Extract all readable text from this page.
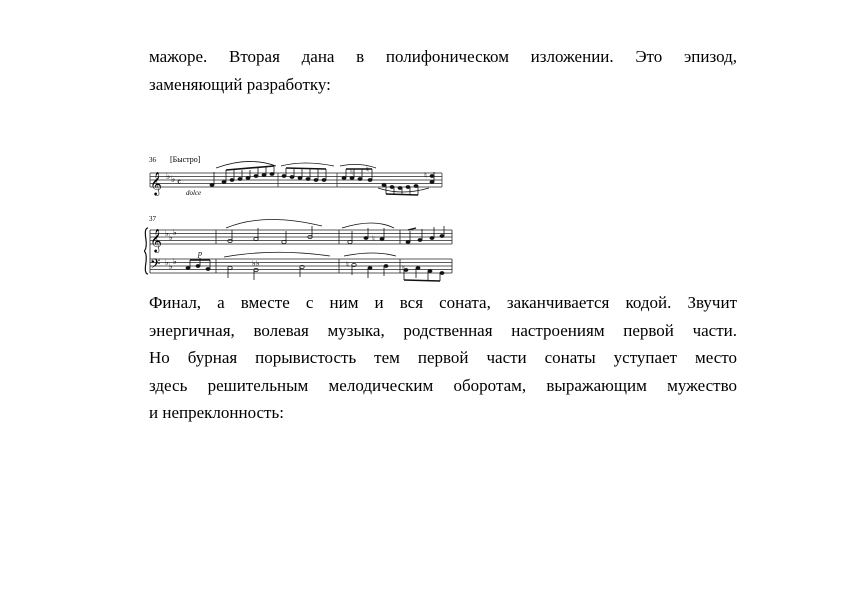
мажоре. Вторая дана в полифоническом изложении. Это эпизод,
заменяющий разработку:
36 [Быстро]
dolce
𝄞 ♭ ♭ 𝄴
♮ ♮
♮
37
p
𝄞
𝄢
♭ ♭
♭
♭ ♭
♭	♭♭
♮
♮	♮
Финал, а вместе с ним и вся соната, заканчивается кодой. Звучит
энергичная, волевая музыка, родственная настроениям первой части.
Но бурная порывистость тем первой части сонаты уступает место
здесь решительным мелодическим оборотам, выражающим мужество
и непреклонность:
